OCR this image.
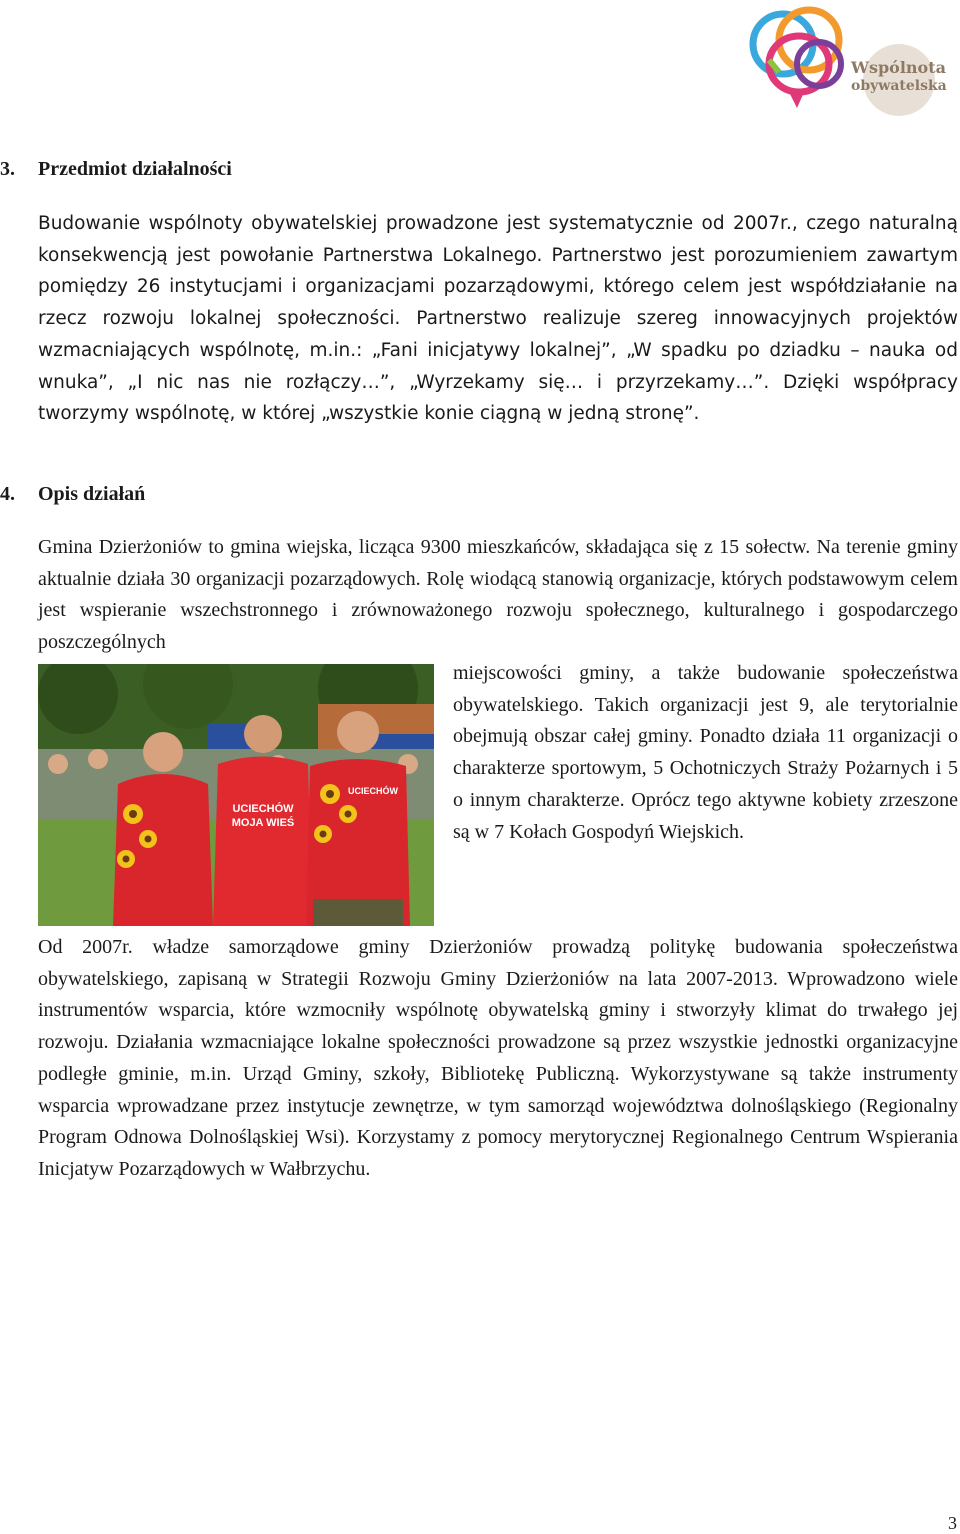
Wspólnota
obywatelska
3.	Przedmiot działalności

Budowanie wspólnoty obywatelskiej prowadzone jest systematycznie od 2007r., czego naturalną konsekwencją jest powołanie Partnerstwa Lokalnego. Partnerstwo jest porozumieniem zawartym pomiędzy 26 instytucjami i organizacjami pozarządowymi, którego celem jest współdziałanie na rzecz rozwoju lokalnej społeczności. Partnerstwo realizuje szereg innowacyjnych projektów wzmacniających wspólnotę, m.in.: „Fani inicjatywy lokalnej”, „W spadku po dziadku – nauka od wnuka”, „I nic nas nie rozłączy…”, „Wyrzekamy się… i przyrzekamy…”. Dzięki współpracy tworzymy wspólnotę, w której „wszystkie konie ciągną w jedną stronę”.

4.	Opis działań

Gmina Dzierżoniów to gmina wiejska, licząca 9300 mieszkańców, składająca się z 15 sołectw. Na terenie gminy aktualnie działa 30 organizacji pozarządowych. Rolę wiodącą stanowią organizacje, których podstawowym celem jest wspieranie wszechstronnego i zrównoważonego rozwoju społecznego, kulturalnego i gospodarczego poszczególnych

UCIECHÓW
MOJA WIEŚ
UCIECHÓW

miejscowości gminy, a także budowanie społeczeństwa obywatelskiego. Takich organizacji jest 9, ale terytorialnie obejmują obszar całej gminy. Ponadto działa 11 organizacji o charakterze sportowym, 5 Ochotniczych Straży Pożarnych i 5 o innym charakterze. Oprócz tego aktywne kobiety zrzeszone są w 7 Kołach Gospodyń Wiejskich.

Od 2007r. władze samorządowe gminy Dzierżoniów prowadzą politykę budowania społeczeństwa obywatelskiego, zapisaną w Strategii Rozwoju Gminy Dzierżoniów na lata 2007-2013. Wprowadzono wiele instrumentów wsparcia, które wzmocniły wspólnotę obywatelską gminy i stworzyły klimat do trwałego jej rozwoju. Działania wzmacniające lokalne społeczności prowadzone są przez wszystkie jednostki organizacyjne podległe gminie, m.in. Urząd Gminy, szkoły, Bibliotekę Publiczną. Wykorzystywane są także instrumenty wsparcia wprowadzane przez instytucje zewnętrze, w tym samorząd województwa dolnośląskiego (Regionalny Program Odnowa Dolnośląskiej Wsi). Korzystamy z pomocy merytorycznej Regionalnego Centrum Wspierania Inicjatyw Pozarządowych w Wałbrzychu.

3
